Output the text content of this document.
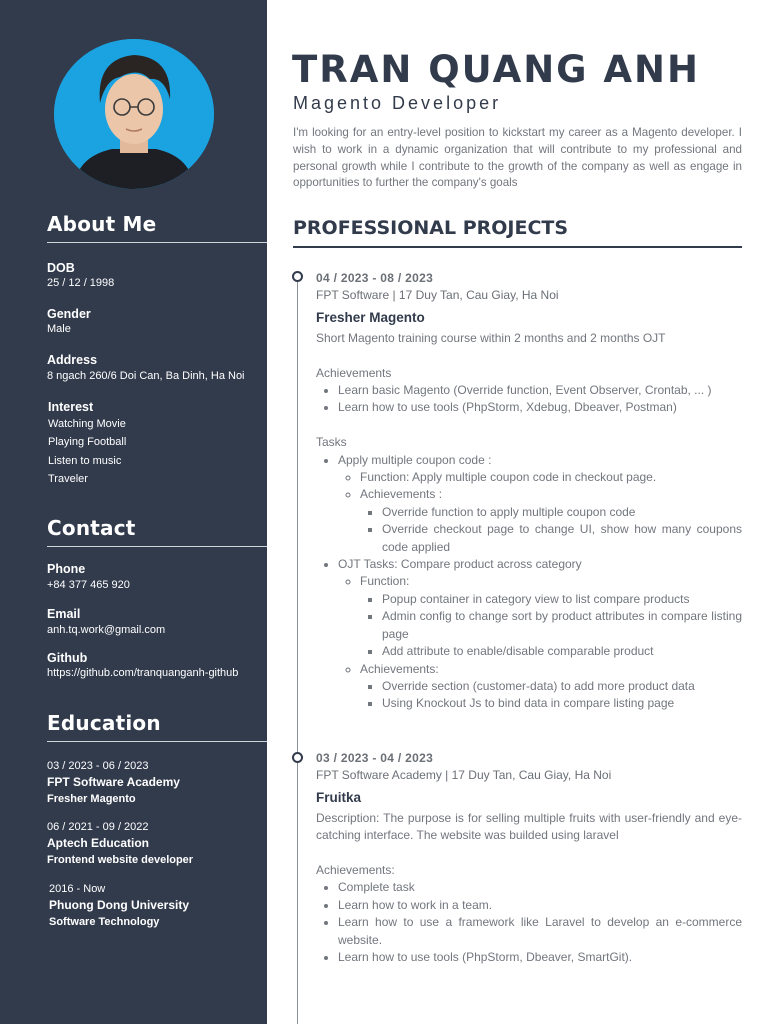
About Me
DOB
25 / 12 / 1998
Gender
Male
Address
8 ngach 260/6 Doi Can, Ba Dinh, Ha Noi
Interest
Watching Movie
Playing Football
Listen to music
Traveler
Contact
Phone
+84 377 465 920
Email
anh.tq.work@gmail.com
Github
https://github.com/tranquanganh-github
Education
03 / 2023 - 06 / 2023
FPT Software Academy
Fresher Magento
06 / 2021 - 09 / 2022
Aptech Education
Frontend website developer
2016 - Now
Phuong Dong University
Software Technology
TRAN QUANG ANH
Magento Developer
I'm looking for an entry-level position to kickstart my career as a Magento developer. I wish to work in a dynamic organization that will contribute to my professional and personal growth while I contribute to the growth of the company as well as engage in opportunities to further the company's goals
PROFESSIONAL PROJECTS
04 / 2023 - 08 / 2023
FPT Software | 17 Duy Tan, Cau Giay, Ha Noi
Fresher Magento
Short Magento training course within 2 months and 2 months OJT
Achievements
• Learn basic Magento (Override function, Event Observer, Crontab, ... )
• Learn how to use tools (PhpStorm, Xdebug, Dbeaver, Postman)
Tasks
• Apply multiple coupon code :
◦ Function: Apply multiple coupon code in checkout page.
◦ Achievements :
▪ Override function to apply multiple coupon code
▪ Override checkout page to change UI, show how many coupons code applied
• OJT Tasks: Compare product across category
◦ Function:
▪ Popup container in category view to list compare products
▪ Admin config to change sort by product attributes in compare listing page
▪ Add attribute to enable/disable comparable product
◦ Achievements:
▪ Override section (customer-data) to add more product data
▪ Using Knockout Js to bind data in compare listing page
03 / 2023 - 04 / 2023
FPT Software Academy | 17 Duy Tan, Cau Giay, Ha Noi
Fruitka
Description: The purpose is for selling multiple fruits with user-friendly and eye-catching interface. The website was builded using laravel
Achievements:
• Complete task
• Learn how to work in a team.
• Learn how to use a framework like Laravel to develop an e-commerce website.
• Learn how to use tools (PhpStorm, Dbeaver, SmartGit).
